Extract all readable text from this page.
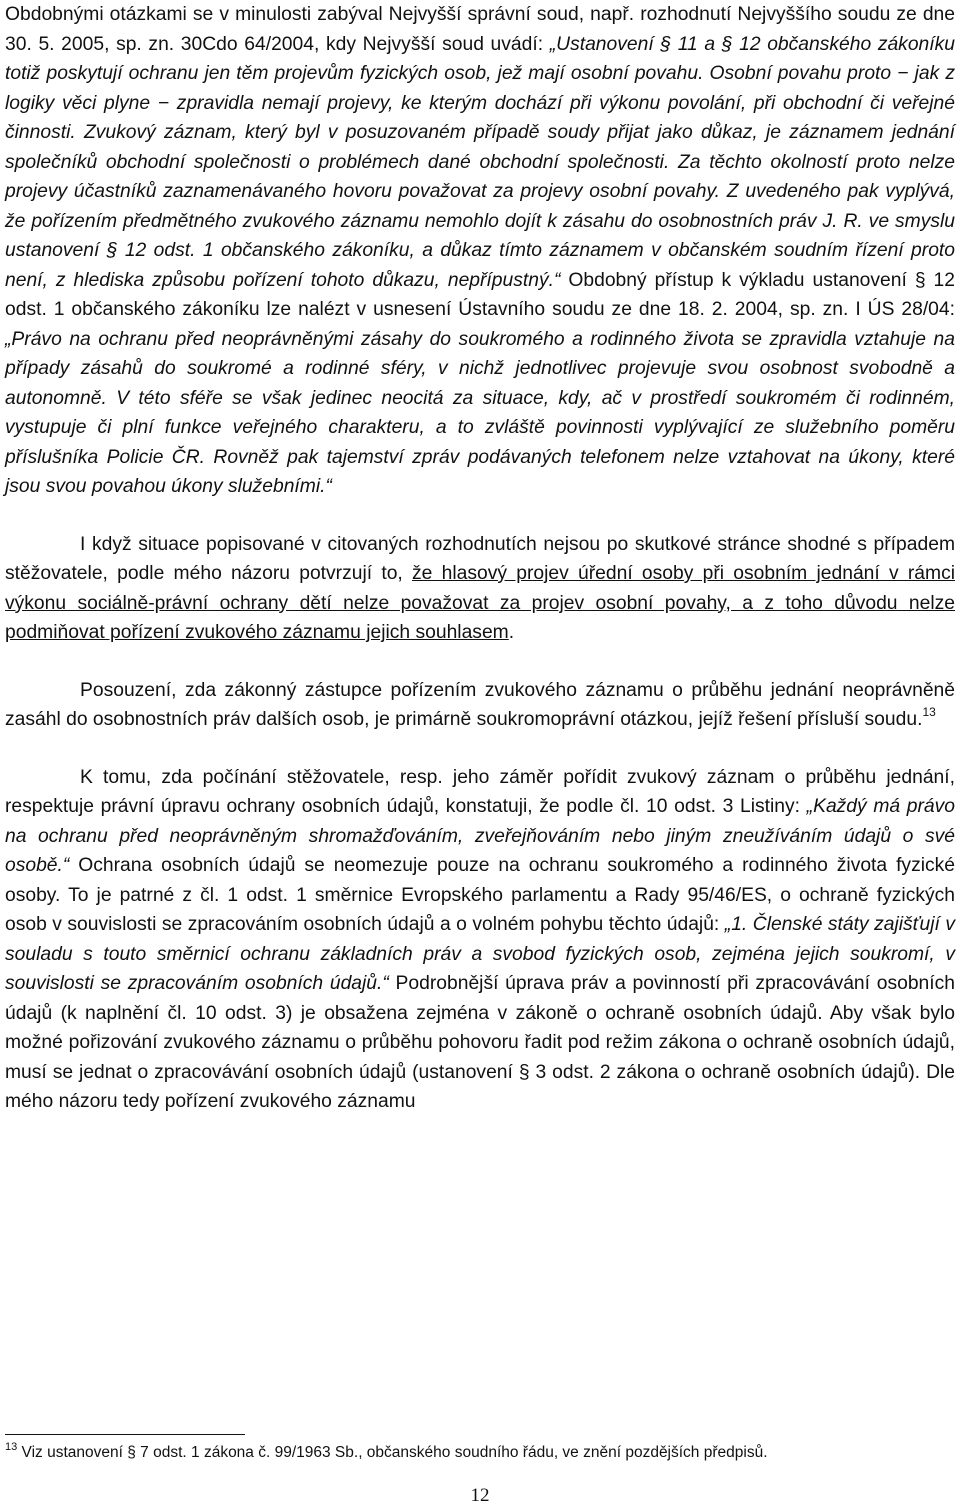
Obdobnými otázkami se v minulosti zabýval Nejvyšší správní soud, např. rozhodnutí Nejvyššího soudu ze dne 30. 5. 2005, sp. zn. 30Cdo 64/2004, kdy Nejvyšší soud uvádí: „Ustanovení § 11 a § 12 občanského zákoníku totiž poskytují ochranu jen těm projevům fyzických osob, jež mají osobní povahu. Osobní povahu proto − jak z logiky věci plyne − zpravidla nemají projevy, ke kterým dochází při výkonu povolání, při obchodní či veřejné činnosti. Zvukový záznam, který byl v posuzovaném případě soudy přijat jako důkaz, je záznamem jednání společníků obchodní společnosti o problémech dané obchodní společnosti. Za těchto okolností proto nelze projevy účastníků zaznamenávaného hovoru považovat za projevy osobní povahy. Z uvedeného pak vyplývá, že pořízením předmětného zvukového záznamu nemohlo dojít k zásahu do osobnostních práv J. R. ve smyslu ustanovení § 12 odst. 1 občanského zákoníku, a důkaz tímto záznamem v občanském soudním řízení proto není, z hlediska způsobu pořízení tohoto důkazu, nepřípustný.“ Obdobný přístup k výkladu ustanovení § 12 odst. 1 občanského zákoníku lze nalézt v usnesení Ústavního soudu ze dne 18. 2. 2004, sp. zn. I ÚS 28/04: „Právo na ochranu před neoprávněnými zásahy do soukromého a rodinného života se zpravidla vztahuje na případy zásahů do soukromé a rodinné sféry, v nichž jednotlivec projevuje svou osobnost svobodně a autonomně. V této sféře se však jedinec neocitá za situace, kdy, ač v prostředí soukromém či rodinném, vystupuje či plní funkce veřejného charakteru, a to zvláště povinnosti vyplývající ze služebního poměru příslušníka Policie ČR. Rovněž pak tajemství zpráv podávaných telefonem nelze vztahovat na úkony, které jsou svou povahou úkony služebními.“

I když situace popisované v citovaných rozhodnutích nejsou po skutkové stránce shodné s případem stěžovatele, podle mého názoru potvrzují to, že hlasový projev úřední osoby při osobním jednání v rámci výkonu sociálně-právní ochrany dětí nelze považovat za projev osobní povahy, a z toho důvodu nelze podmiňovat pořízení zvukového záznamu jejich souhlasem.

Posouzení, zda zákonný zástupce pořízením zvukového záznamu o průběhu jednání neoprávněně zasáhl do osobnostních práv dalších osob, je primárně soukromoprávní otázkou, jejíž řešení přísluší soudu.$^{13}$

K tomu, zda počínání stěžovatele, resp. jeho záměr pořídit zvukový záznam o průběhu jednání, respektuje právní úpravu ochrany osobních údajů, konstatuji, že podle čl. 10 odst. 3 Listiny: „Každý má právo na ochranu před neoprávněným shromažďováním, zveřejňováním nebo jiným zneužíváním údajů o své osobě.“ Ochrana osobních údajů se neomezuje pouze na ochranu soukromého a rodinného života fyzické osoby. To je patrné z čl. 1 odst. 1 směrnice Evropského parlamentu a Rady 95/46/ES, o ochraně fyzických osob v souvislosti se zpracováním osobních údajů a o volném pohybu těchto údajů: „1. Členské státy zajišťují v souladu s touto směrnicí ochranu základních práv a svobod fyzických osob, zejména jejich soukromí, v souvislosti se zpracováním osobních údajů.“ Podrobnější úprava práv a povinností při zpracovávání osobních údajů (k naplnění čl. 10 odst. 3) je obsažena zejména v zákoně o ochraně osobních údajů. Aby však bylo možné pořizování zvukového záznamu o průběhu pohovoru řadit pod režim zákona o ochraně osobních údajů, musí se jednat o zpracovávání osobních údajů (ustanovení § 3 odst. 2 zákona o ochraně osobních údajů). Dle mého názoru tedy pořízení zvukového záznamu

$^{13}$ Viz ustanovení § 7 odst. 1 zákona č. 99/1963 Sb., občanského soudního řádu, ve znění pozdějších předpisů.
12
